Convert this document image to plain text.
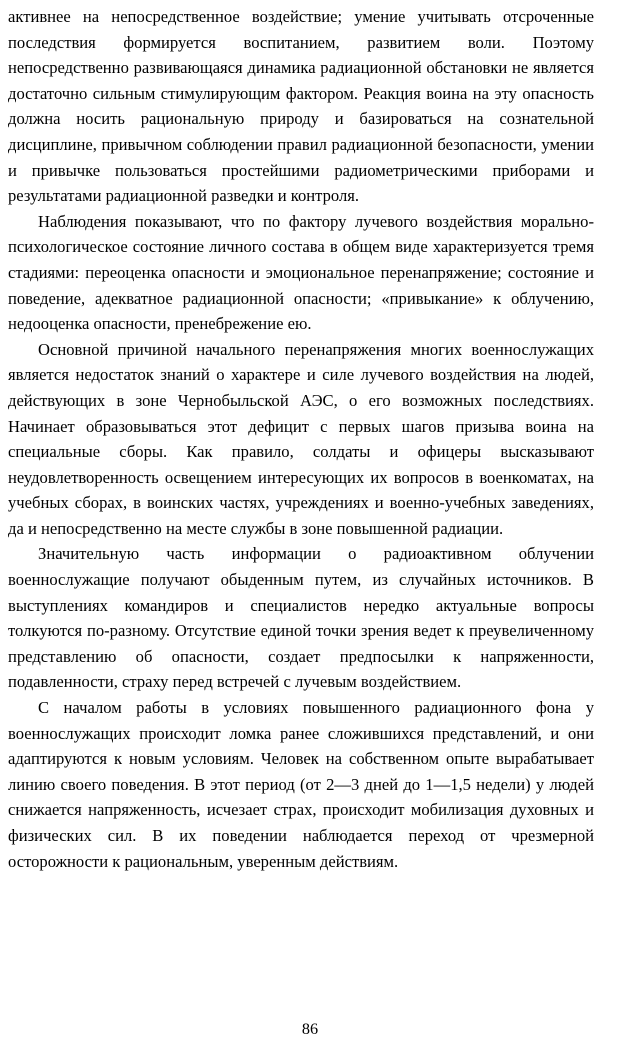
активнее на непосредственное воздействие; умение учитывать отсроченные последствия формируется воспитанием, развитием воли. Поэтому непосредственно развивающаяся динамика радиационной обстановки не является достаточно сильным стимулирующим фактором. Реакция воина на эту опасность должна носить рациональную природу и базироваться на сознательной дисциплине, привычном соблюдении правил радиационной безопасности, умении и привычке пользоваться простейшими радиометрическими приборами и результатами радиационной разведки и контроля.

Наблюдения показывают, что по фактору лучевого воздействия морально-психологическое состояние личного состава в общем виде характеризуется тремя стадиями: переоценка опасности и эмоциональное перенапряжение; состояние и поведение, адекватное радиационной опасности; «привыкание» к облучению, недооценка опасности, пренебрежение ею.

Основной причиной начального перенапряжения многих военнослужащих является недостаток знаний о характере и силе лучевого воздействия на людей, действующих в зоне Чернобыльской АЭС, о его возможных последствиях. Начинает образовываться этот дефицит с первых шагов призыва воина на специальные сборы. Как правило, солдаты и офицеры высказывают неудовлетворенность освещением интересующих их вопросов в военкоматах, на учебных сборах, в воинских частях, учреждениях и военно-учебных заведениях, да и непосредственно на месте службы в зоне повышенной радиации.

Значительную часть информации о радиоактивном облучении военнослужащие получают обыденным путем, из случайных источников. В выступлениях командиров и специалистов нередко актуальные вопросы толкуются по-разному. Отсутствие единой точки зрения ведет к преувеличенному представлению об опасности, создает предпосылки к напряженности, подавленности, страху перед встречей с лучевым воздействием.

С началом работы в условиях повышенного радиационного фона у военнослужащих происходит ломка ранее сложившихся представлений, и они адаптируются к новым условиям. Человек на собственном опыте вырабатывает линию своего поведения. В этот период (от 2—3 дней до 1—1,5 недели) у людей снижается напряженность, исчезает страх, происходит мобилизация духовных и физических сил. В их поведении наблюдается переход от чрезмерной осторожности к рациональным, уверенным действиям.

86
